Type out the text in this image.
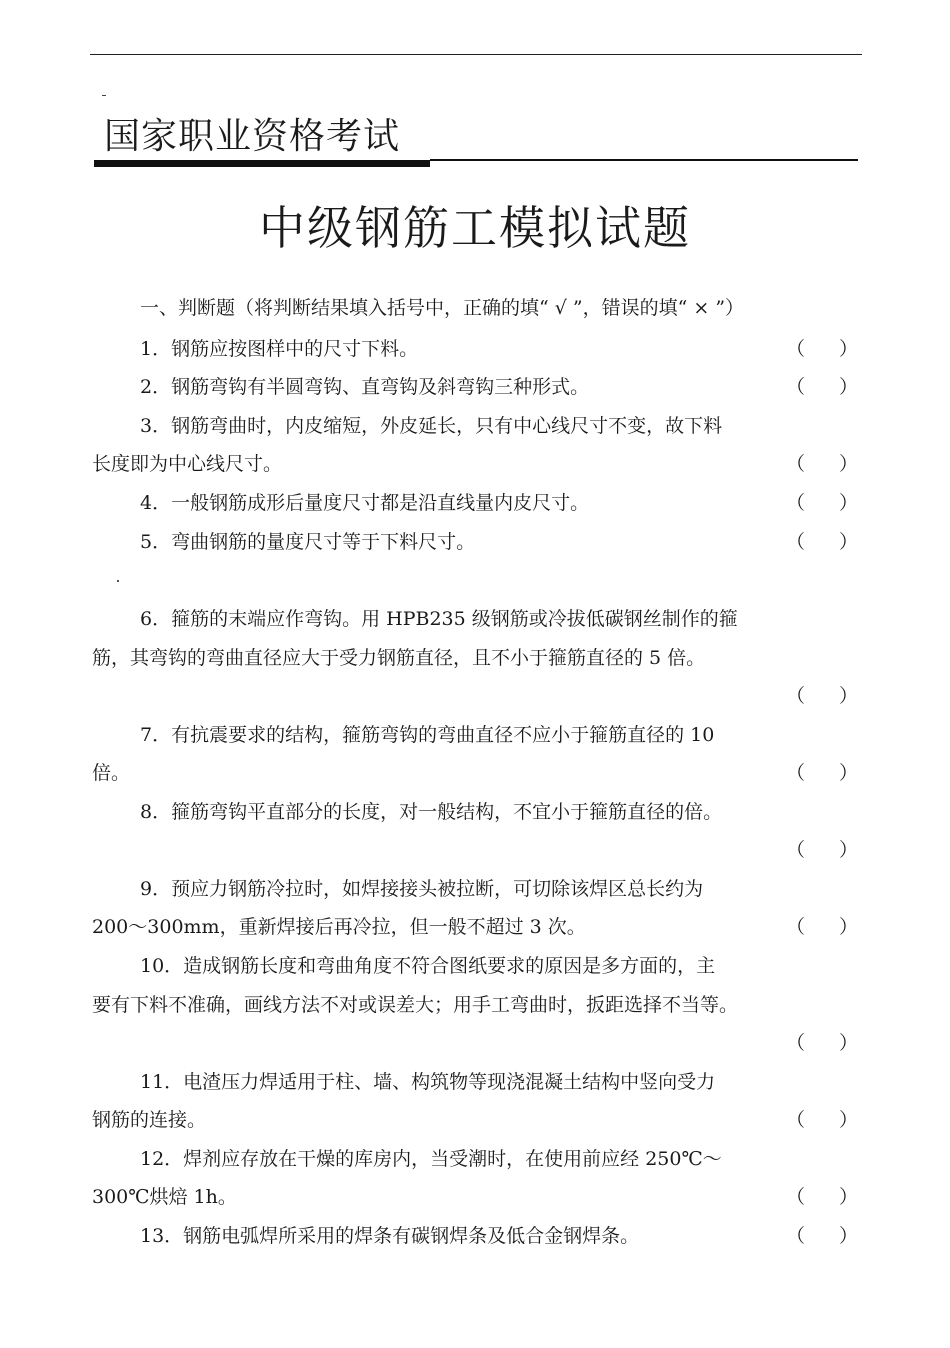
国家职业资格考试
中级钢筋工模拟试题
一、判断题（将判断结果填入括号中，正确的填“ √ ”，错误的填“ × ”）
1．钢筋应按图样中的尺寸下料。	（ ）
2．钢筋弯钩有半圆弯钩、直弯钩及斜弯钩三种形式。	（ ）
3．钢筋弯曲时，内皮缩短，外皮延长，只有中心线尺寸不变，故下料
长度即为中心线尺寸。	（ ）
4．一般钢筋成形后量度尺寸都是沿直线量内皮尺寸。	（ ）
5．弯曲钢筋的量度尺寸等于下料尺寸。	（ ）
6．箍筋的末端应作弯钩。用 HPB235 级钢筋或冷拔低碳钢丝制作的箍
筋，其弯钩的弯曲直径应大于受力钢筋直径，且不小于箍筋直径的 5 倍。
（ ）
7．有抗震要求的结构，箍筋弯钩的弯曲直径不应小于箍筋直径的 10
倍。	（ ）
8．箍筋弯钩平直部分的长度，对一般结构，不宜小于箍筋直径的倍。
（ ）
9．预应力钢筋冷拉时，如焊接接头被拉断，可切除该焊区总长约为
200～300mm，重新焊接后再冷拉，但一般不超过 3 次。	（ ）
10．造成钢筋长度和弯曲角度不符合图纸要求的原因是多方面的，主
要有下料不准确，画线方法不对或误差大；用手工弯曲时，扳距选择不当等。
（ ）
11．电渣压力焊适用于柱、墙、构筑物等现浇混凝土结构中竖向受力
钢筋的连接。	（ ）
12．焊剂应存放在干燥的库房内，当受潮时，在使用前应经 250℃～
300℃烘焙 1h。	（ ）
13．钢筋电弧焊所采用的焊条有碳钢焊条及低合金钢焊条。	（ ）
